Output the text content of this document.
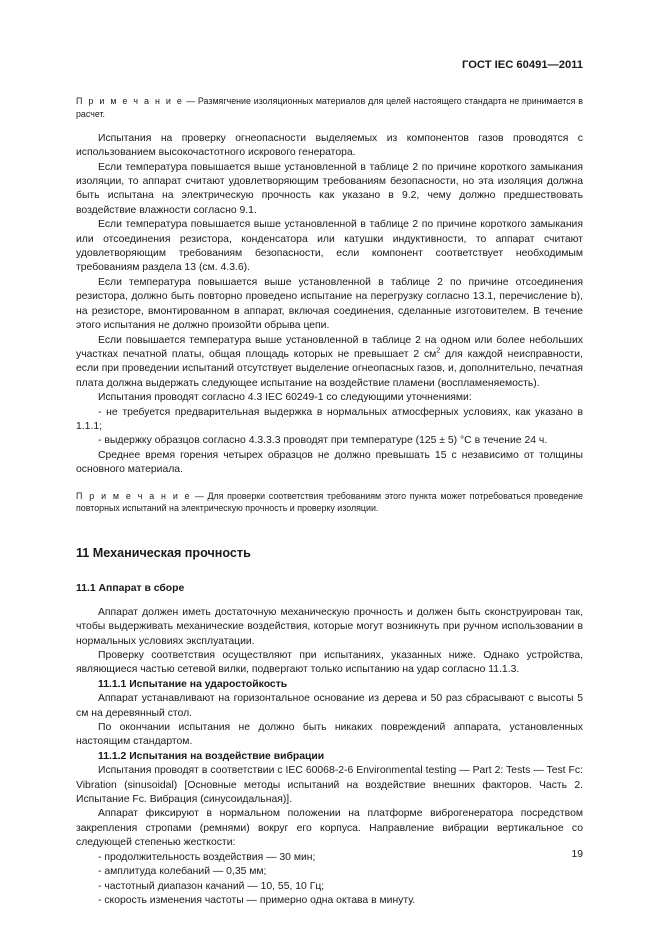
ГОСТ IEC 60491—2011

П р и м е ч а н и е — Размягчение изоляционных материалов для целей настоящего стандарта не принимается в расчет.

Испытания на проверку огнеопасности выделяемых из компонентов газов проводятся с использованием высокочастотного искрового генератора.

Если температура повышается выше установленной в таблице 2 по причине короткого замыкания изоляции, то аппарат считают удовлетворяющим требованиям безопасности, но эта изоляция должна быть испытана на электрическую прочность как указано в 9.2, чему должно предшествовать воздействие влажности согласно 9.1.

Если температура повышается выше установленной в таблице 2 по причине короткого замыкания или отсоединения резистора, конденсатора или катушки индуктивности, то аппарат считают удовлетворяющим требованиям безопасности, если компонент соответствует необходимым требованиям раздела 13 (см. 4.3.6).

Если температура повышается выше установленной в таблице 2 по причине отсоединения резистора, должно быть повторно проведено испытание на перегрузку согласно 13.1, перечисление b), на резисторе, вмонтированном в аппарат, включая соединения, сделанные изготовителем. В течение этого испытания не должно произойти обрыва цепи.

Если повышается температура выше установленной в таблице 2 на одном или более небольших участках печатной платы, общая площадь которых не превышает 2 $см^2$ для каждой неисправности, если при проведении испытаний отсутствует выделение огнеопасных газов, и, дополнительно, печатная плата должна выдержать следующее испытание на воздействие пламени (воспламеняемость).

Испытания проводят согласно 4.3 IEC 60249-1 со следующими уточнениями:

- не требуется предварительная выдержка в нормальных атмосферных условиях, как указано в 1.1.1;

- выдержку образцов согласно 4.3.3.3 проводят при температуре (125 ± 5) °С в течение 24 ч.

Среднее время горения четырех образцов не должно превышать 15 с независимо от толщины основного материала.

П р и м е ч а н и е — Для проверки соответствия требованиям этого пункта может потребоваться проведение повторных испытаний на электрическую прочность и проверку изоляции.

11 Механическая прочность
11.1 Аппарат в сборе

Аппарат должен иметь достаточную механическую прочность и должен быть сконструирован так, чтобы выдерживать механические воздействия, которые могут возникнуть при ручном использовании в нормальных условиях эксплуатации.

Проверку соответствия осуществляют при испытаниях, указанных ниже. Однако устройства, являющиеся частью сетевой вилки, подвергают только испытанию на удар согласно 11.1.3.

11.1.1 Испытание на ударостойкость

Аппарат устанавливают на горизонтальное основание из дерева и 50 раз сбрасывают с высоты 5 см на деревянный стол.

По окончании испытания не должно быть никаких повреждений аппарата, установленных настоящим стандартом.

11.1.2 Испытания на воздействие вибрации

Испытания проводят в соответствии с IEC 60068-2-6 Environmental testing — Part 2: Tests — Test Fc: Vibration (sinusoidal) [Основные методы испытаний на воздействие внешних факторов. Часть 2. Испытание Fc. Вибрация (синусоидальная)].

Аппарат фиксируют в нормальном положении на платформе виброгенератора посредством закрепления стропами (ремнями) вокруг его корпуса. Направление вибрации вертикальное со следующей степенью жесткости:

- продолжительность воздействия — 30 мин;

- амплитуда колебаний — 0,35 мм;

- частотный диапазон качаний — 10, 55, 10 Гц;

- скорость изменения частоты — примерно одна октава в минуту.

19
